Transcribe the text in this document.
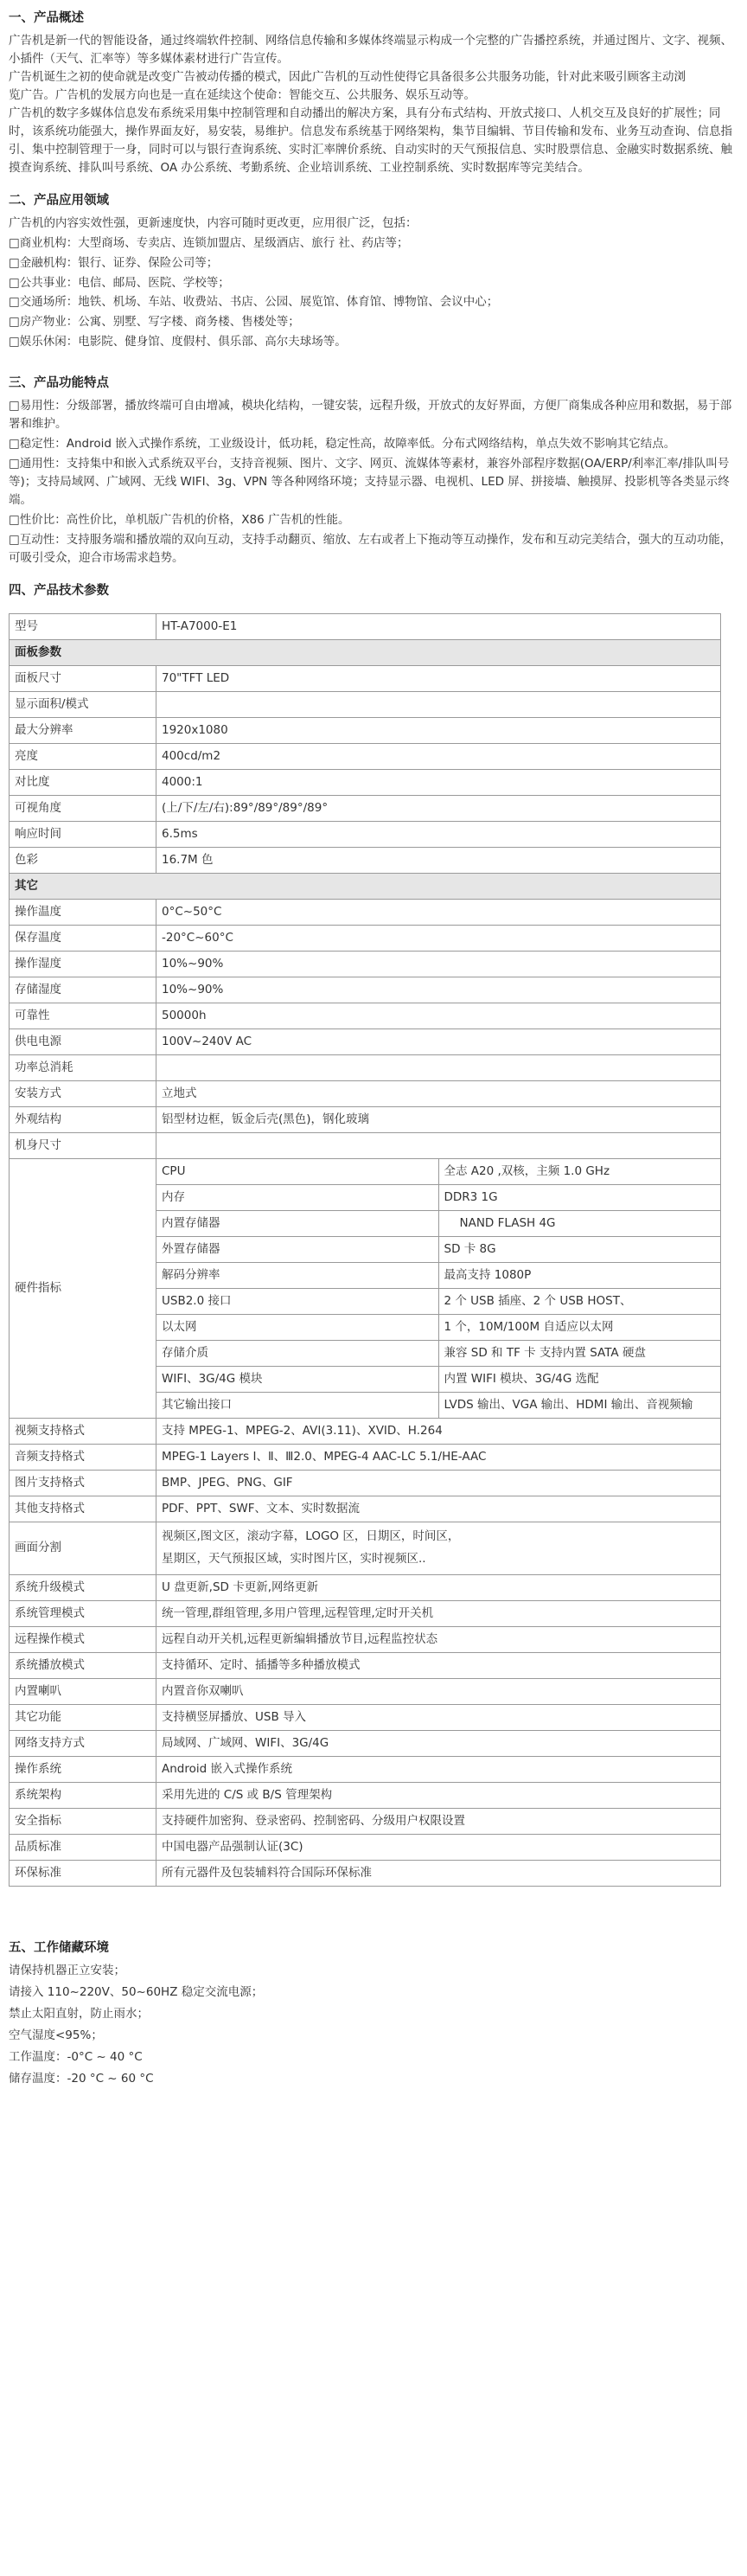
一、产品概述

广告机是新一代的智能设备，通过终端软件控制、网络信息传输和多媒体终端显示构成一个完整的广告播控系统，并通过图片、文字、视频、小插件（天气、汇率等）等多媒体素材进行广告宣传。

广告机诞生之初的使命就是改变广告被动传播的模式，因此广告机的互动性使得它具备很多公共服务功能，针对此来吸引顾客主动浏

览广告。广告机的发展方向也是一直在延续这个使命：智能交互、公共服务、娱乐互动等。

广告机的数字多媒体信息发布系统采用集中控制管理和自动播出的解决方案，具有分布式结构、开放式接口、人机交互及良好的扩展性；同时，该系统功能强大，操作界面友好，易安装，易维护。信息发布系统基于网络架构，集节目编辑、节目传输和发布、业务互动查询、信息指引、集中控制管理于一身，同时可以与银行查询系统、实时汇率牌价系统、自动实时的天气预报信息、实时股票信息、金融实时数据系统、触摸查询系统、排队叫号系统、OA 办公系统、考勤系统、企业培训系统、工业控制系统、实时数据库等完美结合。

二、产品应用领域

广告机的内容实效性强，更新速度快，内容可随时更改更，应用很广泛，包括：

□商业机构：大型商场、专卖店、连锁加盟店、星级酒店、旅行 社、药店等；

□金融机构：银行、证券、保险公司等；

□公共事业：电信、邮局、医院、学校等；

□交通场所：地铁、机场、车站、收费站、书店、公园、展览馆、体育馆、博物馆、会议中心；

□房产物业：公寓、别墅、写字楼、商务楼、售楼处等；

□娱乐休闲：电影院、健身馆、度假村、俱乐部、高尔夫球场等。

三、产品功能特点

□易用性：分级部署，播放终端可自由增减，模块化结构，一键安装，远程升级，开放式的友好界面，方便厂商集成各种应用和数据，易于部署和维护。

□稳定性：Android 嵌入式操作系统，工业级设计，低功耗，稳定性高，故障率低。分布式网络结构，单点失效不影响其它结点。

□通用性：支持集中和嵌入式系统双平台，支持音视频、图片、文字、网页、流媒体等素材，兼容外部程序数据(OA/ERP/利率汇率/排队叫号等)；支持局域网、广域网、无线 WIFI、3g、VPN 等各种网络环境；支持显示器、电视机、LED 屏、拼接墙、触摸屏、投影机等各类显示终端。

□性价比：高性价比，单机版广告机的价格，X86 广告机的性能。

□互动性：支持服务端和播放端的双向互动，支持手动翻页、缩放、左右或者上下拖动等互动操作，发布和互动完美结合，强大的互动功能，可吸引受众，迎合市场需求趋势。

四、产品技术参数
型号	HT-A7000-E1	
面板参数		
面板尺寸	70"TFT LED	
显示面积/模式		
最大分辨率	1920x1080	
亮度	400cd/m2	
对比度	4000:1	
可视角度	(上/下/左/右):89°/89°/89°/89°	
响应时间	6.5ms	
色彩	16.7M 色	
其它		
操作温度	0°C~50°C	
保存温度	-20°C~60°C	
操作湿度	10%~90%	
存储湿度	10%~90%	
可靠性	50000h	
供电电源	100V~240V AC	
功率总消耗		
安装方式	立地式	
外观结构	铝型材边框，钣金后壳(黑色)，钢化玻璃	
机身尺寸		
硬件指标	CPU	全志 A20 ,双核，主频 1.0 GHz
	内存	DDR3 1G
	内置存储器	NAND FLASH 4G
	外置存储器	SD 卡 8G
	解码分辨率	最高支持 1080P
	USB2.0 接口	2 个 USB 插座、2 个 USB HOST、
	以太网	1 个，10M/100M 自适应以太网
	存储介质	兼容 SD 和 TF 卡 支持内置 SATA 硬盘
	WIFI、3G/4G 模块	内置 WIFI 模块、3G/4G 选配
	其它输出接口	LVDS 输出、VGA 输出、HDMI 输出、音视频输
视频支持格式	支持 MPEG-1、MPEG-2、AVI(3.11)、XVID、H.264	
音频支持格式	MPEG-1 Layers Ⅰ、Ⅱ、Ⅲ2.0、MPEG-4 AAC-LC 5.1/HE-AAC	
图片支持格式	BMP、JPEG、PNG、GIF	
其他支持格式	PDF、PPT、SWF、文本、实时数据流	
画面分割	视频区,图文区，滚动字幕，LOGO 区，日期区，时间区，
星期区，天气预报区域，实时图片区，实时视频区..	

系统升级模式	U 盘更新,SD 卡更新,网络更新	
系统管理模式	统一管理,群组管理,多用户管理,远程管理,定时开关机	
远程操作模式	远程自动开关机,远程更新编辑播放节目,远程监控状态	
系统播放模式	支持循环、定时、插播等多种播放模式	
内置喇叭	内置音你双喇叭	
其它功能	支持横竖屏播放、USB 导入	
网络支持方式	局域网、广域网、WIFI、3G/4G	
操作系统	Android 嵌入式操作系统	
系统架构	采用先进的 C/S 或 B/S 管理架构	
安全指标	支持硬件加密狗、登录密码、控制密码、分级用户权限设置	
品质标准	中国电器产品强制认证(3C)	
环保标准	所有元器件及包装辅料符合国际环保标准	
五、工作储藏环境

请保持机器正立安装；

请接入 110~220V、50~60HZ 稳定交流电源；

禁止太阳直射，防止雨水；

空气湿度<95%；

工作温度：-0°C ~ 40 °C

储存温度：-20 °C ~ 60 °C
